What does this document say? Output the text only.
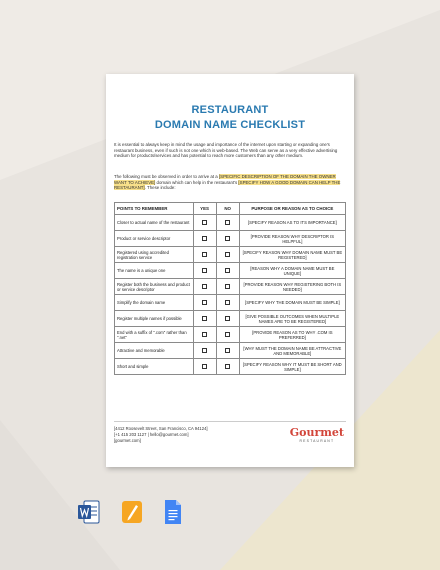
RESTAURANT
DOMAIN NAME CHECKLIST
It is essential to always keep in mind the usage and importance of the internet upon starting or expanding one's restaurant business, even if such is not one which is web-based. The Web can serve as a very effective advertising medium for products/services and has potential to reach more customers than any other medium.
The following must be observed in order to arrive at a [SPECIFIC DESCRIPTION OF THE DOMAIN THE OWNER WANT TO ACHIEVE] domain which can help in the restaurant's [SPECIFY HOW A GOOD DOMAIN CAN HELP THE RESTAURANT]. These include:
POINTS TO REMEMBER	YES	NO	PURPOSE OR REASON AS TO CHOICE
Closer to actual name of the restaurant			[SPECIFY REASON AS TO ITS IMPORTANCE]
Product or service descriptor			[PROVIDE REASON WHY DESCRIPTOR IS HELPFUL]
Registered using accredited registration service			[SPECIFY REASON WHY DOMAIN NAME MUST BE REGISTERED]
The name is a unique one			[REASON WHY A DOMAIN NAME MUST BE UNIQUE]
Register both the business and product or service descriptor			[PROVIDE REASON WHY REGISTERING BOTH IS NEEDED]
Simplify the domain name			[SPECIFY WHY THE DOMAIN MUST BE SIMPLE]
Register multiple names if possible			[GIVE POSSIBLE OUTCOMES WHEN MULTIPLE NAMES ARE TO BE REGISTERED]
End with a suffix of ".com" rather than ".net"			[PROVIDE REASON AS TO WHY .COM IS PREFERRED]
Attractive and memorable			[WHY MUST THE DOMAIN NAME BE ATTRACTIVE AND MEMORABLE]
Short and simple			[SPECIFY REASON WHY IT MUST BE SHORT AND SIMPLE]
[4412 Roosevelt Street, San Francisco, CA 94124]
[+1 415 203 1127 | hello@gourmet.com]
[gourmet.com]
Gourmet
RESTAURANT
